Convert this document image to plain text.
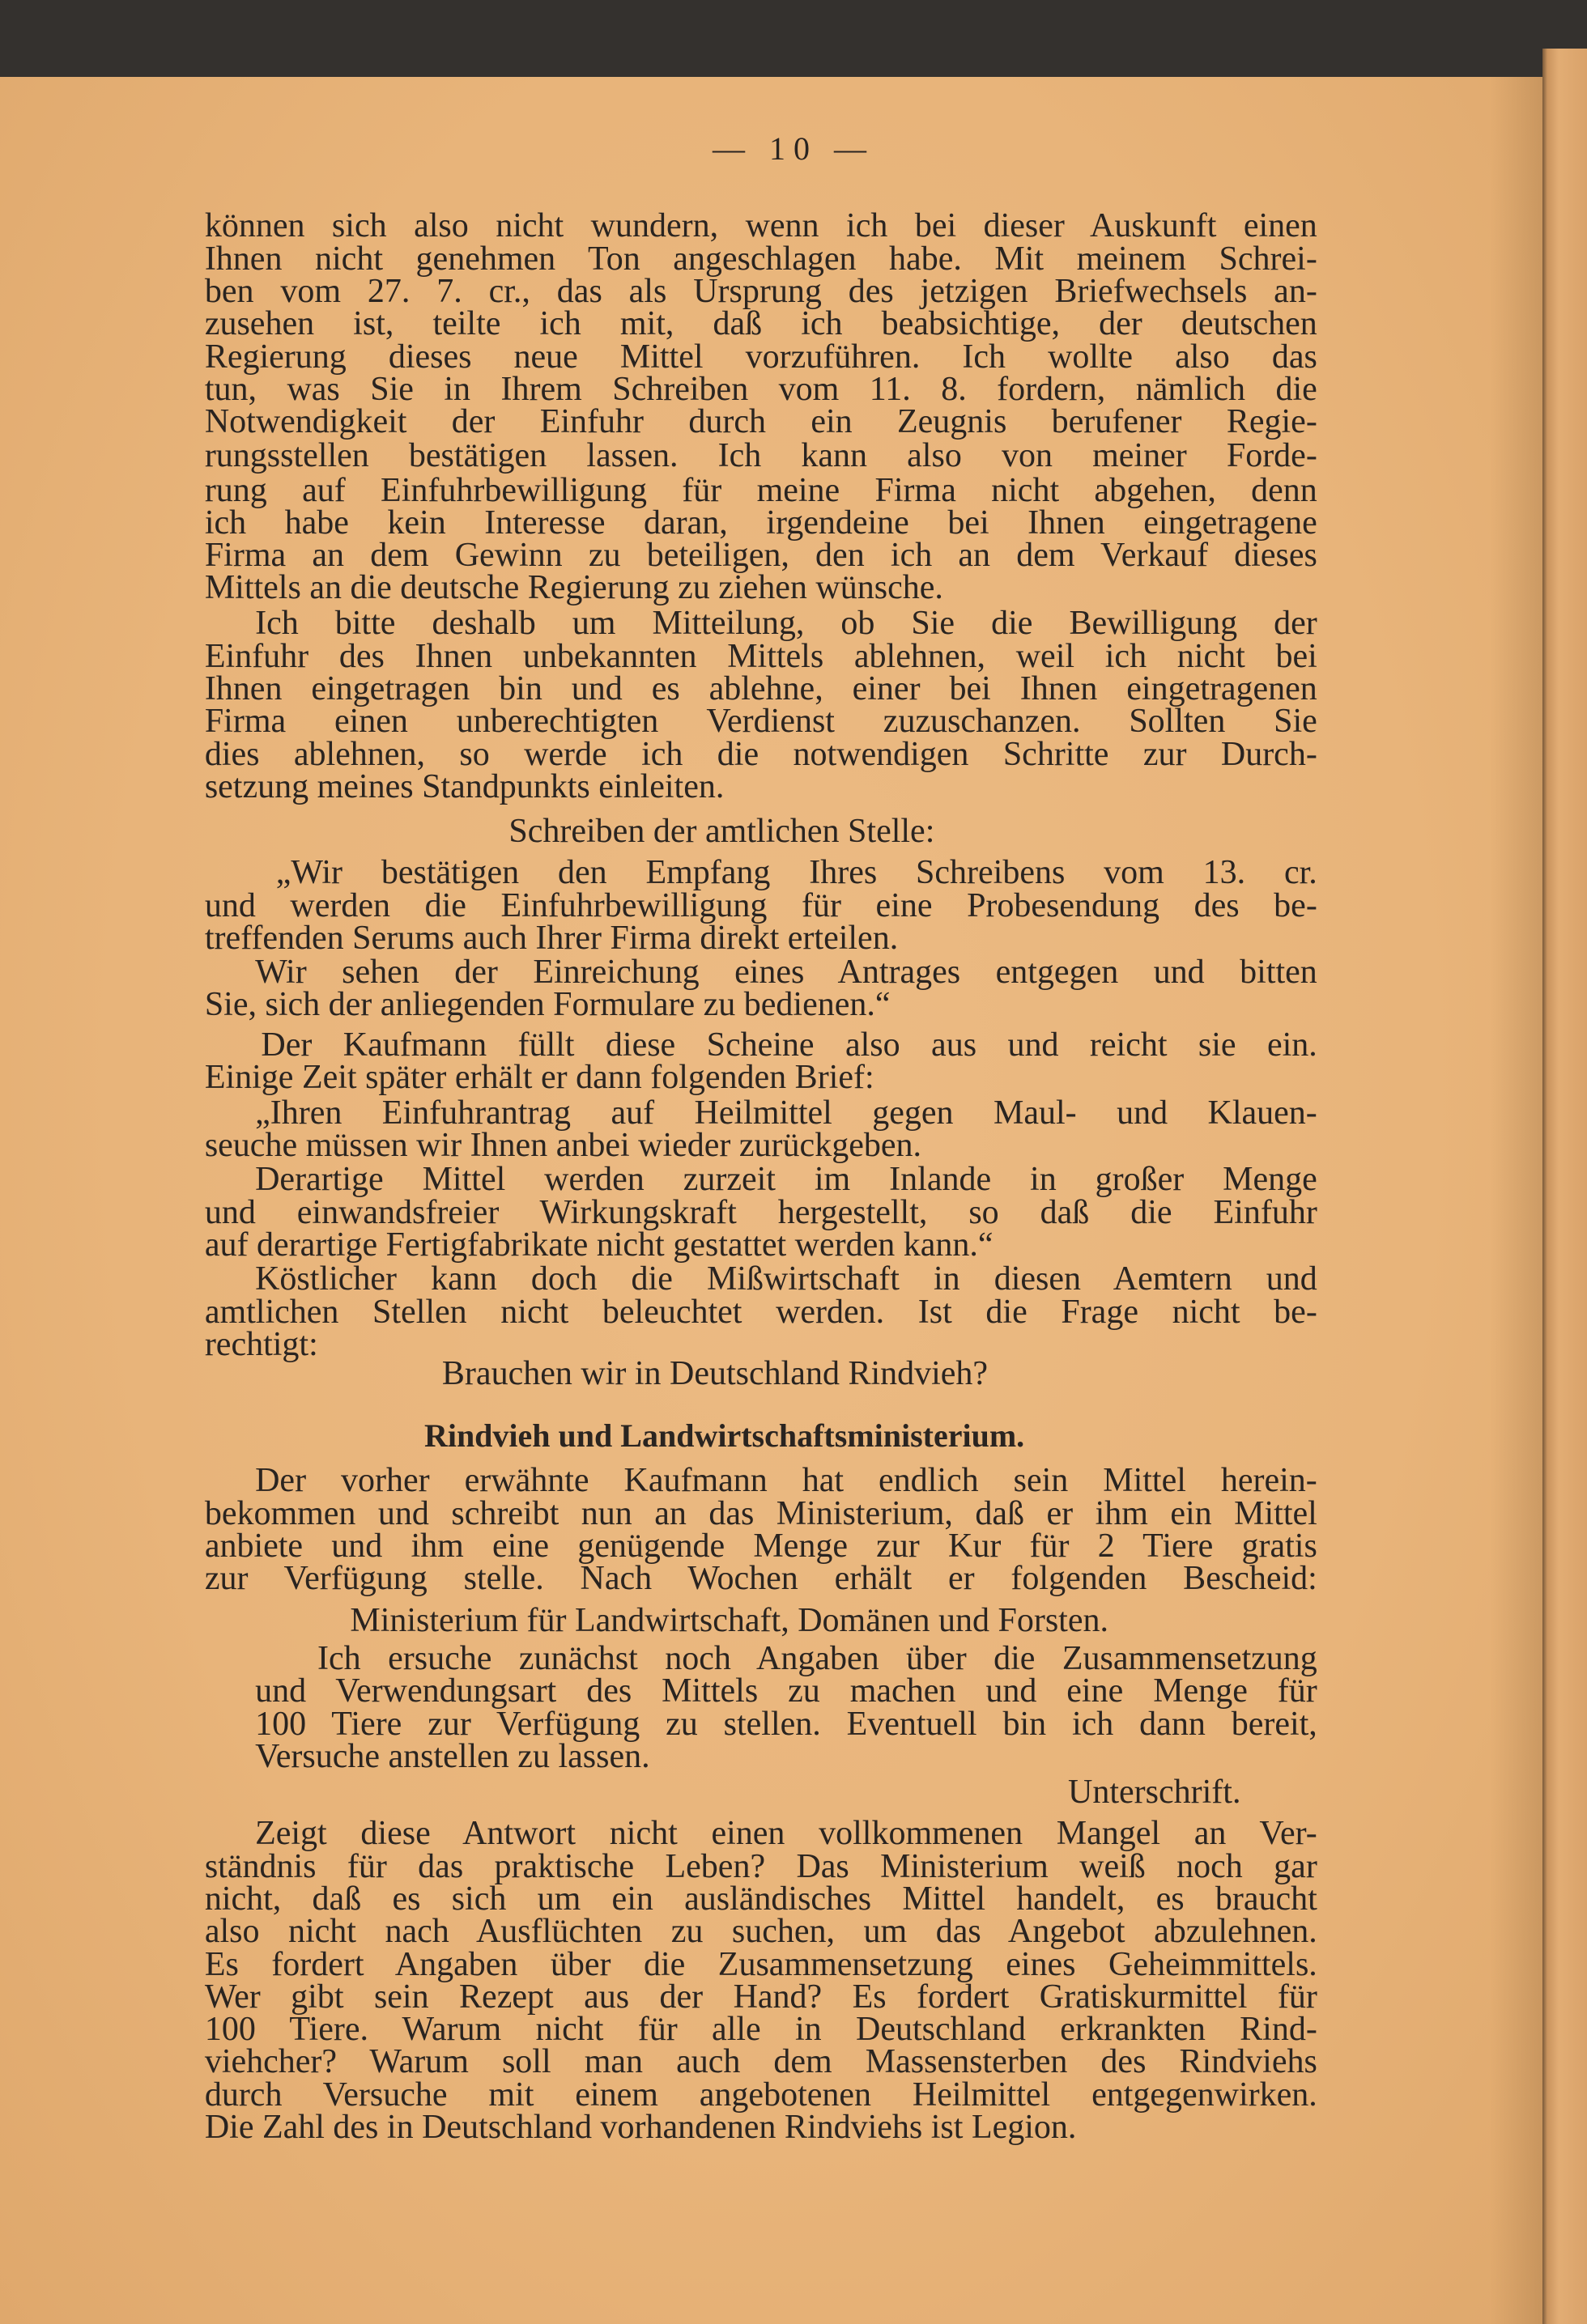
— 10 —
können sich also nicht wundern, wenn ich bei dieser Auskunft einen
Ihnen nicht genehmen Ton angeschlagen habe. Mit meinem Schrei-
ben vom 27. 7. cr., das als Ursprung des jetzigen Briefwechsels an-
zusehen ist, teilte ich mit, daß ich beabsichtige, der deutschen
Regierung dieses neue Mittel vorzuführen. Ich wollte also das
tun, was Sie in Ihrem Schreiben vom 11. 8. fordern, nämlich die
Notwendigkeit der Einfuhr durch ein Zeugnis berufener Regie-
rungsstellen bestätigen lassen. Ich kann also von meiner Forde-
rung auf Einfuhrbewilligung für meine Firma nicht abgehen, denn
ich habe kein Interesse daran, irgendeine bei Ihnen eingetragene
Firma an dem Gewinn zu beteiligen, den ich an dem Verkauf dieses
Mittels an die deutsche Regierung zu ziehen wünsche.
Ich bitte deshalb um Mitteilung, ob Sie die Bewilligung der
Einfuhr des Ihnen unbekannten Mittels ablehnen, weil ich nicht bei
Ihnen eingetragen bin und es ablehne, einer bei Ihnen eingetragenen
Firma einen unberechtigten Verdienst zuzuschanzen. Sollten Sie
dies ablehnen, so werde ich die notwendigen Schritte zur Durch-
setzung meines Standpunkts einleiten.
Schreiben der amtlichen Stelle:
„Wir bestätigen den Empfang Ihres Schreibens vom 13. cr.
und werden die Einfuhrbewilligung für eine Probesendung des be-
treffenden Serums auch Ihrer Firma direkt erteilen.
Wir sehen der Einreichung eines Antrages entgegen und bitten
Sie, sich der anliegenden Formulare zu bedienen.“
Der Kaufmann füllt diese Scheine also aus und reicht sie ein.
Einige Zeit später erhält er dann folgenden Brief:
„Ihren Einfuhrantrag auf Heilmittel gegen Maul- und Klauen-
seuche müssen wir Ihnen anbei wieder zurückgeben.
Derartige Mittel werden zurzeit im Inlande in großer Menge
und einwandsfreier Wirkungskraft hergestellt, so daß die Einfuhr
auf derartige Fertigfabrikate nicht gestattet werden kann.“
Köstlicher kann doch die Mißwirtschaft in diesen Aemtern und
amtlichen Stellen nicht beleuchtet werden. Ist die Frage nicht be-
rechtigt:
Brauchen wir in Deutschland Rindvieh?
Rindvieh und Landwirtschaftsministerium.
Der vorher erwähnte Kaufmann hat endlich sein Mittel herein-
bekommen und schreibt nun an das Ministerium, daß er ihm ein Mittel
anbiete und ihm eine genügende Menge zur Kur für 2 Tiere gratis
zur Verfügung stelle. Nach Wochen erhält er folgenden Bescheid:
Ministerium für Landwirtschaft, Domänen und Forsten.
Ich ersuche zunächst noch Angaben über die Zusammensetzung
und Verwendungsart des Mittels zu machen und eine Menge für
100 Tiere zur Verfügung zu stellen. Eventuell bin ich dann bereit,
Versuche anstellen zu lassen.
Unterschrift.
Zeigt diese Antwort nicht einen vollkommenen Mangel an Ver-
ständnis für das praktische Leben? Das Ministerium weiß noch gar
nicht, daß es sich um ein ausländisches Mittel handelt, es braucht
also nicht nach Ausflüchten zu suchen, um das Angebot abzulehnen.
Es fordert Angaben über die Zusammensetzung eines Geheimmittels.
Wer gibt sein Rezept aus der Hand? Es fordert Gratiskurmittel für
100 Tiere. Warum nicht für alle in Deutschland erkrankten Rind-
viehcher? Warum soll man auch dem Massensterben des Rindviehs
durch Versuche mit einem angebotenen Heilmittel entgegenwirken.
Die Zahl des in Deutschland vorhandenen Rindviehs ist Legion.
